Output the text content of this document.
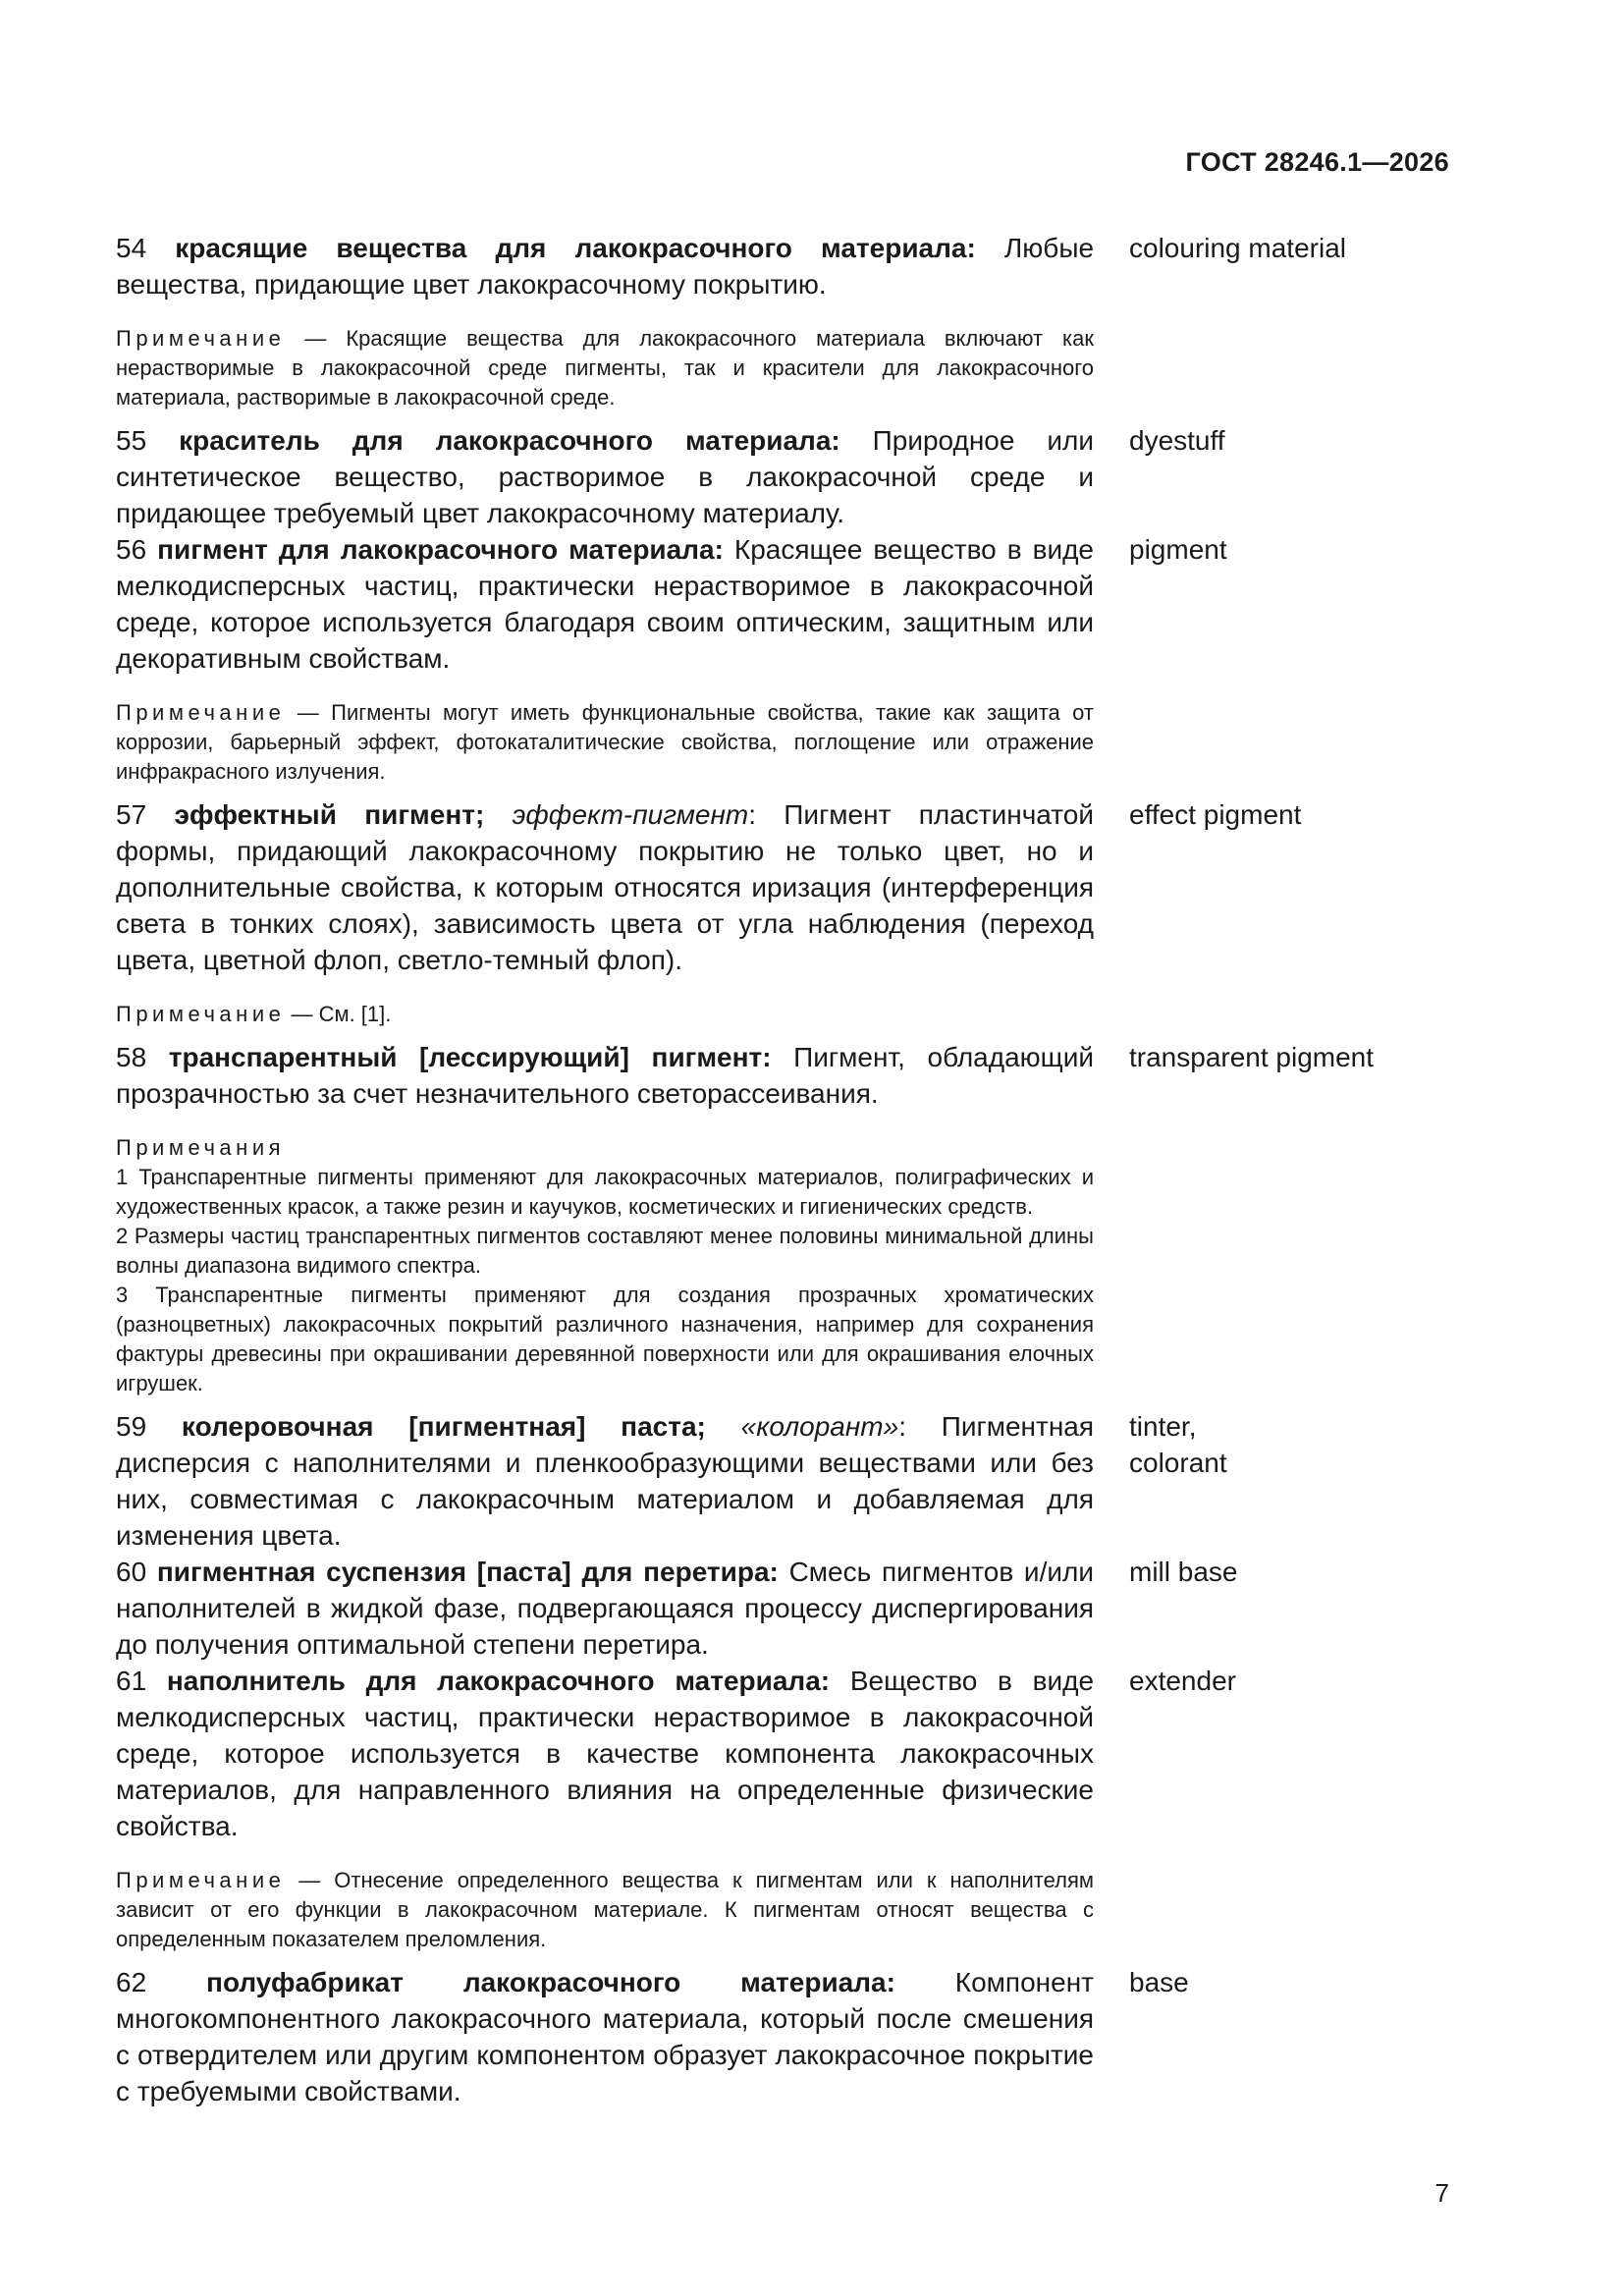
ГОСТ 28246.1—2026

54 красящие вещества для лакокрасочного материала: Любые вещества, придающие цвет лакокрасочному покрытию.

Примечание — Красящие вещества для лакокрасочного материала включают как нерастворимые в лакокрасочной среде пигменты, так и красители для лакокрасочного материала, растворимые в лакокрасочной среде.

colouring material

55 краситель для лакокрасочного материала: Природное или синтетическое вещество, растворимое в лакокрасочной среде и придающее требуемый цвет лакокрасочному материалу.

dyestuff

56 пигмент для лакокрасочного материала: Красящее вещество в виде мелкодисперсных частиц, практически нерастворимое в лакокрасочной среде, которое используется благодаря своим оптическим, защитным или декоративным свойствам.

Примечание — Пигменты могут иметь функциональные свойства, такие как защита от коррозии, барьерный эффект, фотокаталитические свойства, поглощение или отражение инфракрасного излучения.

pigment

57 эффектный пигмент; эффект-пигмент: Пигмент пластинчатой формы, придающий лакокрасочному покрытию не только цвет, но и дополнительные свойства, к которым относятся иризация (интерференция света в тонких слоях), зависимость цвета от угла наблюдения (переход цвета, цветной флоп, светло-темный флоп).

Примечание — См. [1].

effect pigment

58 транспарентный [лессирующий] пигмент: Пигмент, обладающий прозрачностью за счет незначительного светорассеивания.

Примечания

1 Транспарентные пигменты применяют для лакокрасочных материалов, полиграфических и художественных красок, а также резин и каучуков, косметических и гигиенических средств.

2 Размеры частиц транспарентных пигментов составляют менее половины минимальной длины волны диапазона видимого спектра.

3 Транспарентные пигменты применяют для создания прозрачных хроматических (разноцветных) лакокрасочных покрытий различного назначения, например для сохранения фактуры древесины при окрашивании деревянной поверхности или для окрашивания елочных игрушек.

transparent pigment

59 колеровочная [пигментная] паста; «колорант»: Пигментная дисперсия с наполнителями и пленкообразующими веществами или без них, совместимая с лакокрасочным материалом и добавляемая для изменения цвета.

tinter,
colorant

60 пигментная суспензия [паста] для перетира: Смесь пигментов и/или наполнителей в жидкой фазе, подвергающаяся процессу диспергирования до получения оптимальной степени перетира.

mill base

61 наполнитель для лакокрасочного материала: Вещество в виде мелкодисперсных частиц, практически нерастворимое в лакокрасочной среде, которое используется в качестве компонента лакокрасочных материалов, для направленного влияния на определенные физические свойства.

Примечание — Отнесение определенного вещества к пигментам или к наполнителям зависит от его функции в лакокрасочном материале. К пигментам относят вещества с определенным показателем преломления.

extender

62 полуфабрикат лакокрасочного материала: Компонент многокомпонентного лакокрасочного материала, который после смешения с отвердителем или другим компонентом образует лакокрасочное покрытие с требуемыми свойствами.

base
7
